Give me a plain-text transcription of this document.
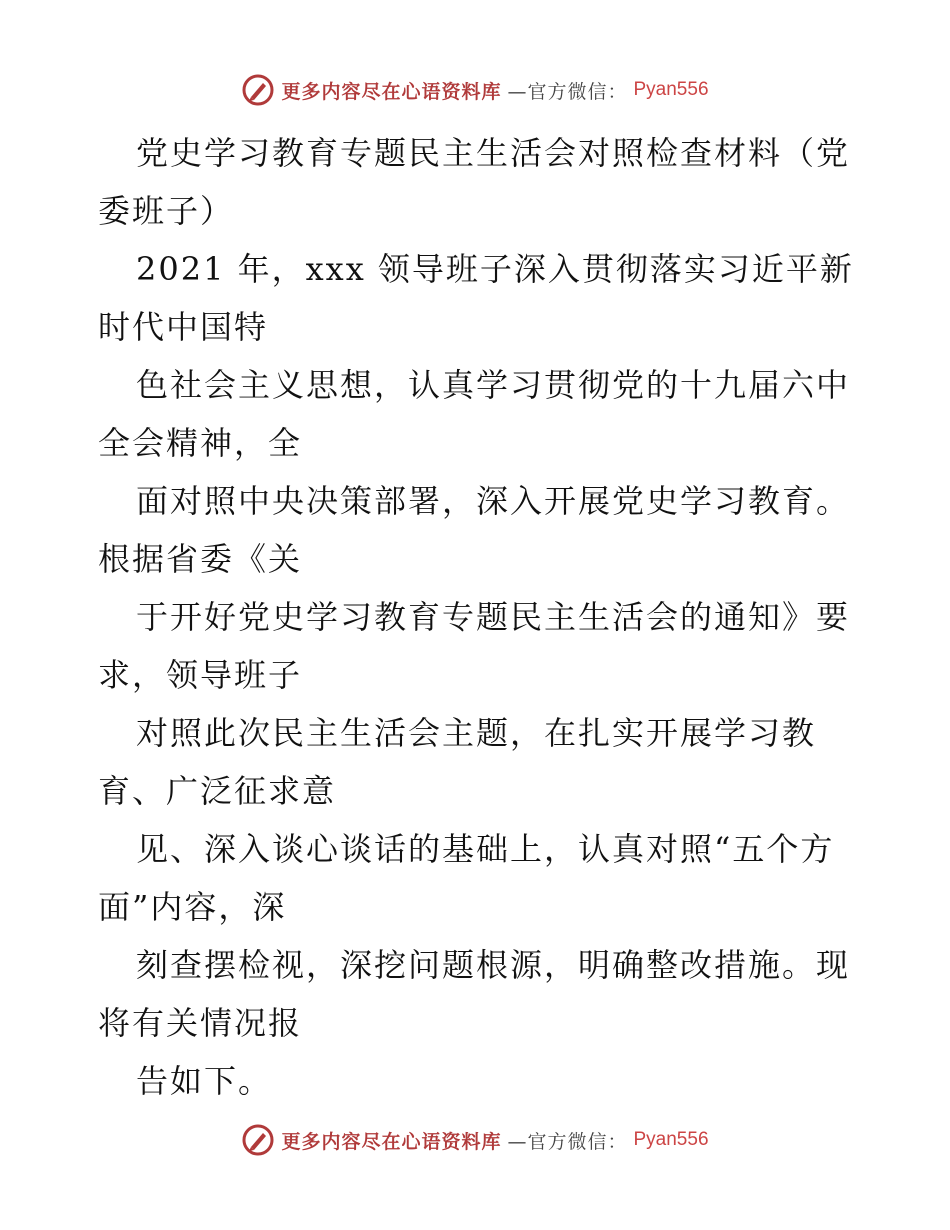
更多内容尽在心语资料库 —官方微信： Pyan556
党史学习教育专题民主生活会对照检查材料（党
委班子）
2021 年，xxx 领导班子深入贯彻落实习近平新
时代中国特
色社会主义思想，认真学习贯彻党的十九届六中
全会精神，全
面对照中央决策部署，深入开展党史学习教育。
根据省委《关
于开好党史学习教育专题民主生活会的通知》要
求，领导班子
对照此次民主生活会主题，在扎实开展学习教
育、广泛征求意
见、深入谈心谈话的基础上，认真对照“五个方
面”内容，深
刻查摆检视，深挖问题根源，明确整改措施。现
将有关情况报
告如下。
更多内容尽在心语资料库 —官方微信： Pyan556
